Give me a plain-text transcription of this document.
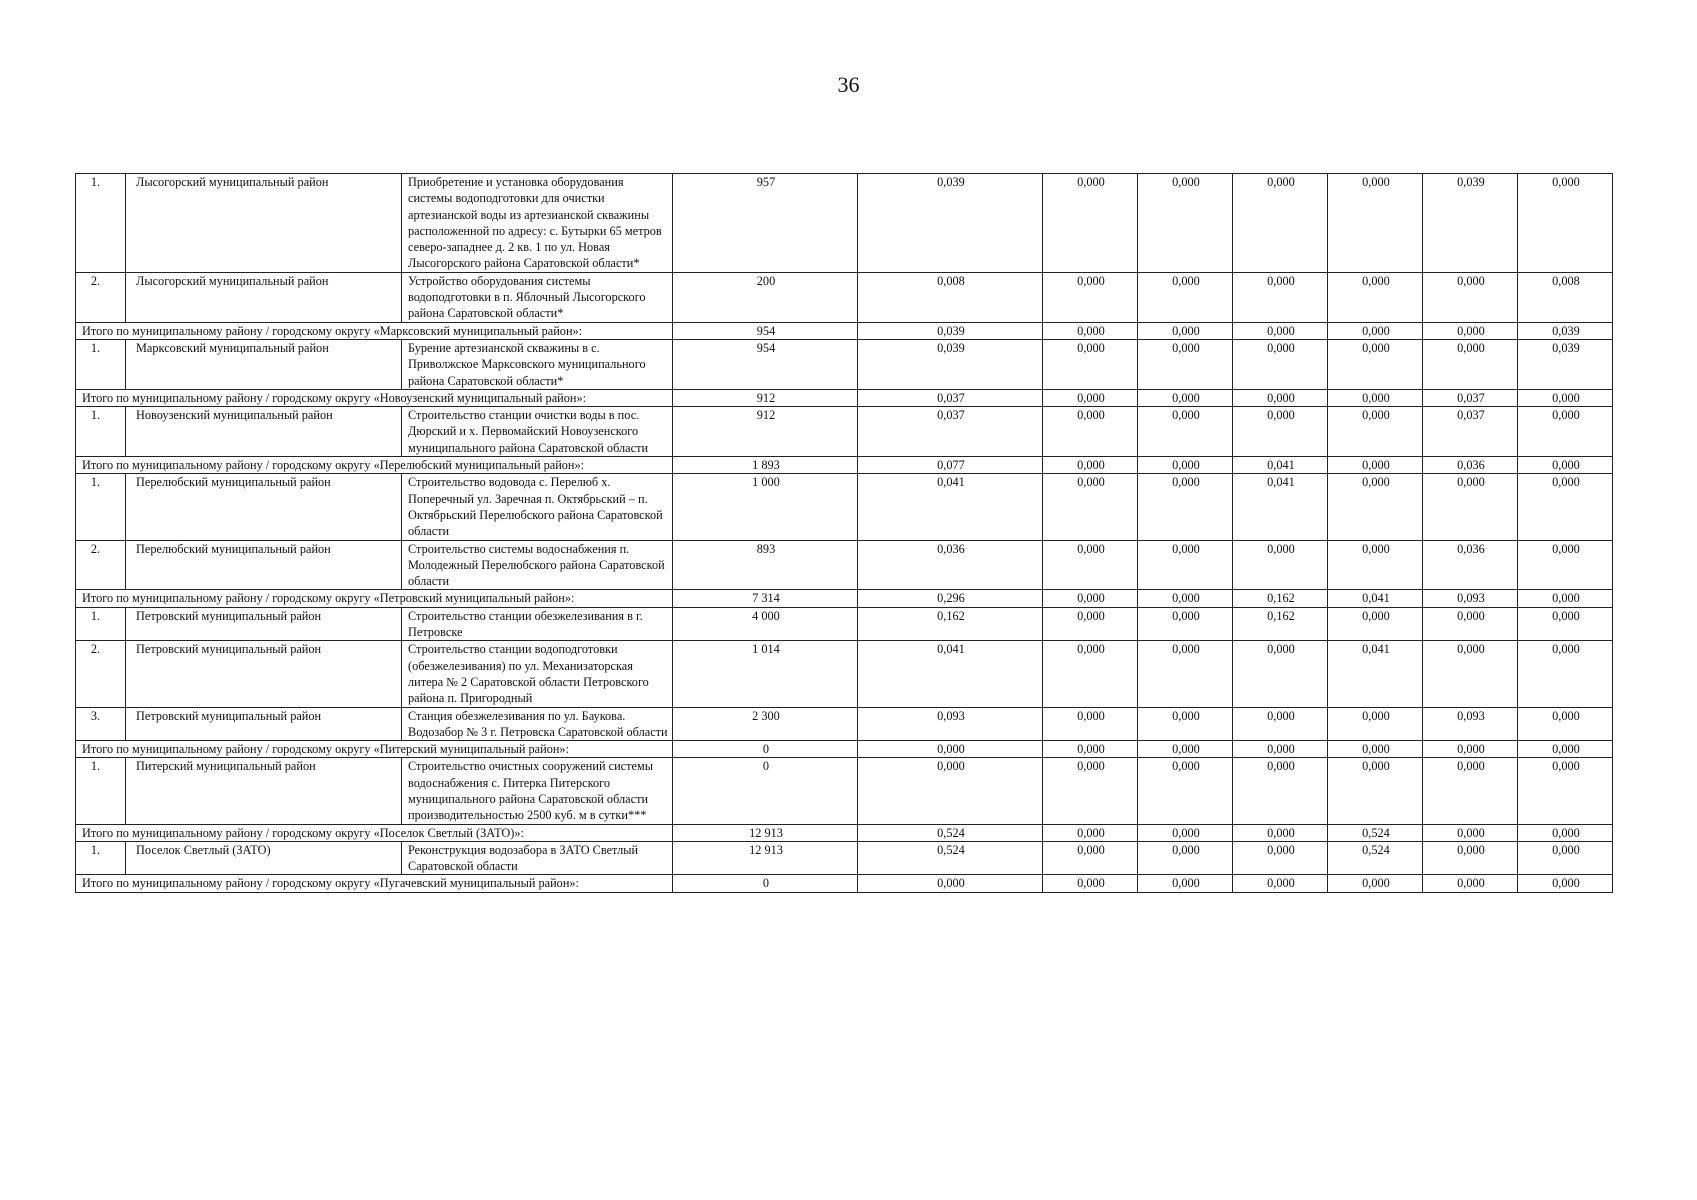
36
1.	Лысогорский муниципальный район	Приобретение и установка оборудования системы водоподготовки для очистки артезианской воды из артезианской скважины расположенной по адресу: с. Бутырки 65 метров северо-западнее д. 2 кв. 1 по ул. Новая Лысогорского района Саратовской области*	957	0,039	0,000	0,000	0,000	0,000	0,039	0,000
2.	Лысогорский муниципальный район	Устройство оборудования системы водоподготовки в п. Яблочный Лысогорского района Саратовской области*	200	0,008	0,000	0,000	0,000	0,000	0,000	0,008
Итого по муниципальному району / городскому округу «Марксовский муниципальный район»:			954	0,039	0,000	0,000	0,000	0,000	0,000	0,039
1.	Марксовский муниципальный район	Бурение артезианской скважины в с. Приволжское Марксовского муниципального района Саратовской области*	954	0,039	0,000	0,000	0,000	0,000	0,000	0,039
Итого по муниципальному району / городскому округу «Новоузенский муниципальный район»:			912	0,037	0,000	0,000	0,000	0,000	0,037	0,000
1.	Новоузенский муниципальный район	Строительство станции очистки воды в пос. Дюрский и х. Первомайский Новоузенского муниципального района Саратовской области	912	0,037	0,000	0,000	0,000	0,000	0,037	0,000
Итого по муниципальному району / городскому округу «Перелюбский муниципальный район»:			1 893	0,077	0,000	0,000	0,041	0,000	0,036	0,000
1.	Перелюбский муниципальный район	Строительство водовода с. Перелюб х. Поперечный ул. Заречная п. Октябрьский – п. Октябрьский Перелюбского района Саратовской области	1 000	0,041	0,000	0,000	0,041	0,000	0,000	0,000
2.	Перелюбский муниципальный район	Строительство системы водоснабжения п. Молодежный Перелюбского района Саратовской области	893	0,036	0,000	0,000	0,000	0,000	0,036	0,000
Итого по муниципальному району / городскому округу «Петровский муниципальный район»:			7 314	0,296	0,000	0,000	0,162	0,041	0,093	0,000
1.	Петровский муниципальный район	Строительство станции обезжелезивания в г. Петровске	4 000	0,162	0,000	0,000	0,162	0,000	0,000	0,000
2.	Петровский муниципальный район	Строительство станции водоподготовки (обезжелезивания) по ул. Механизаторская литера № 2 Саратовской области Петровского района п. Пригородный	1 014	0,041	0,000	0,000	0,000	0,041	0,000	0,000
3.	Петровский муниципальный район	Станция обезжелезивания по ул. Баукова. Водозабор № 3 г. Петровска Саратовской области	2 300	0,093	0,000	0,000	0,000	0,000	0,093	0,000
Итого по муниципальному району / городскому округу «Питерский муниципальный район»:			0	0,000	0,000	0,000	0,000	0,000	0,000	0,000
1.	Питерский муниципальный район	Строительство очистных сооружений системы водоснабжения с. Питерка Питерского муниципального района Саратовской области производительностью 2500 куб. м в сутки***	0	0,000	0,000	0,000	0,000	0,000	0,000	0,000
Итого по муниципальному району / городскому округу «Поселок Светлый (ЗАТО)»:			12 913	0,524	0,000	0,000	0,000	0,524	0,000	0,000
1.	Поселок Светлый (ЗАТО)	Реконструкция водозабора в ЗАТО Светлый Саратовской области	12 913	0,524	0,000	0,000	0,000	0,524	0,000	0,000
Итого по муниципальному району / городскому округу «Пугачевский муниципальный район»:			0	0,000	0,000	0,000	0,000	0,000	0,000	0,000
